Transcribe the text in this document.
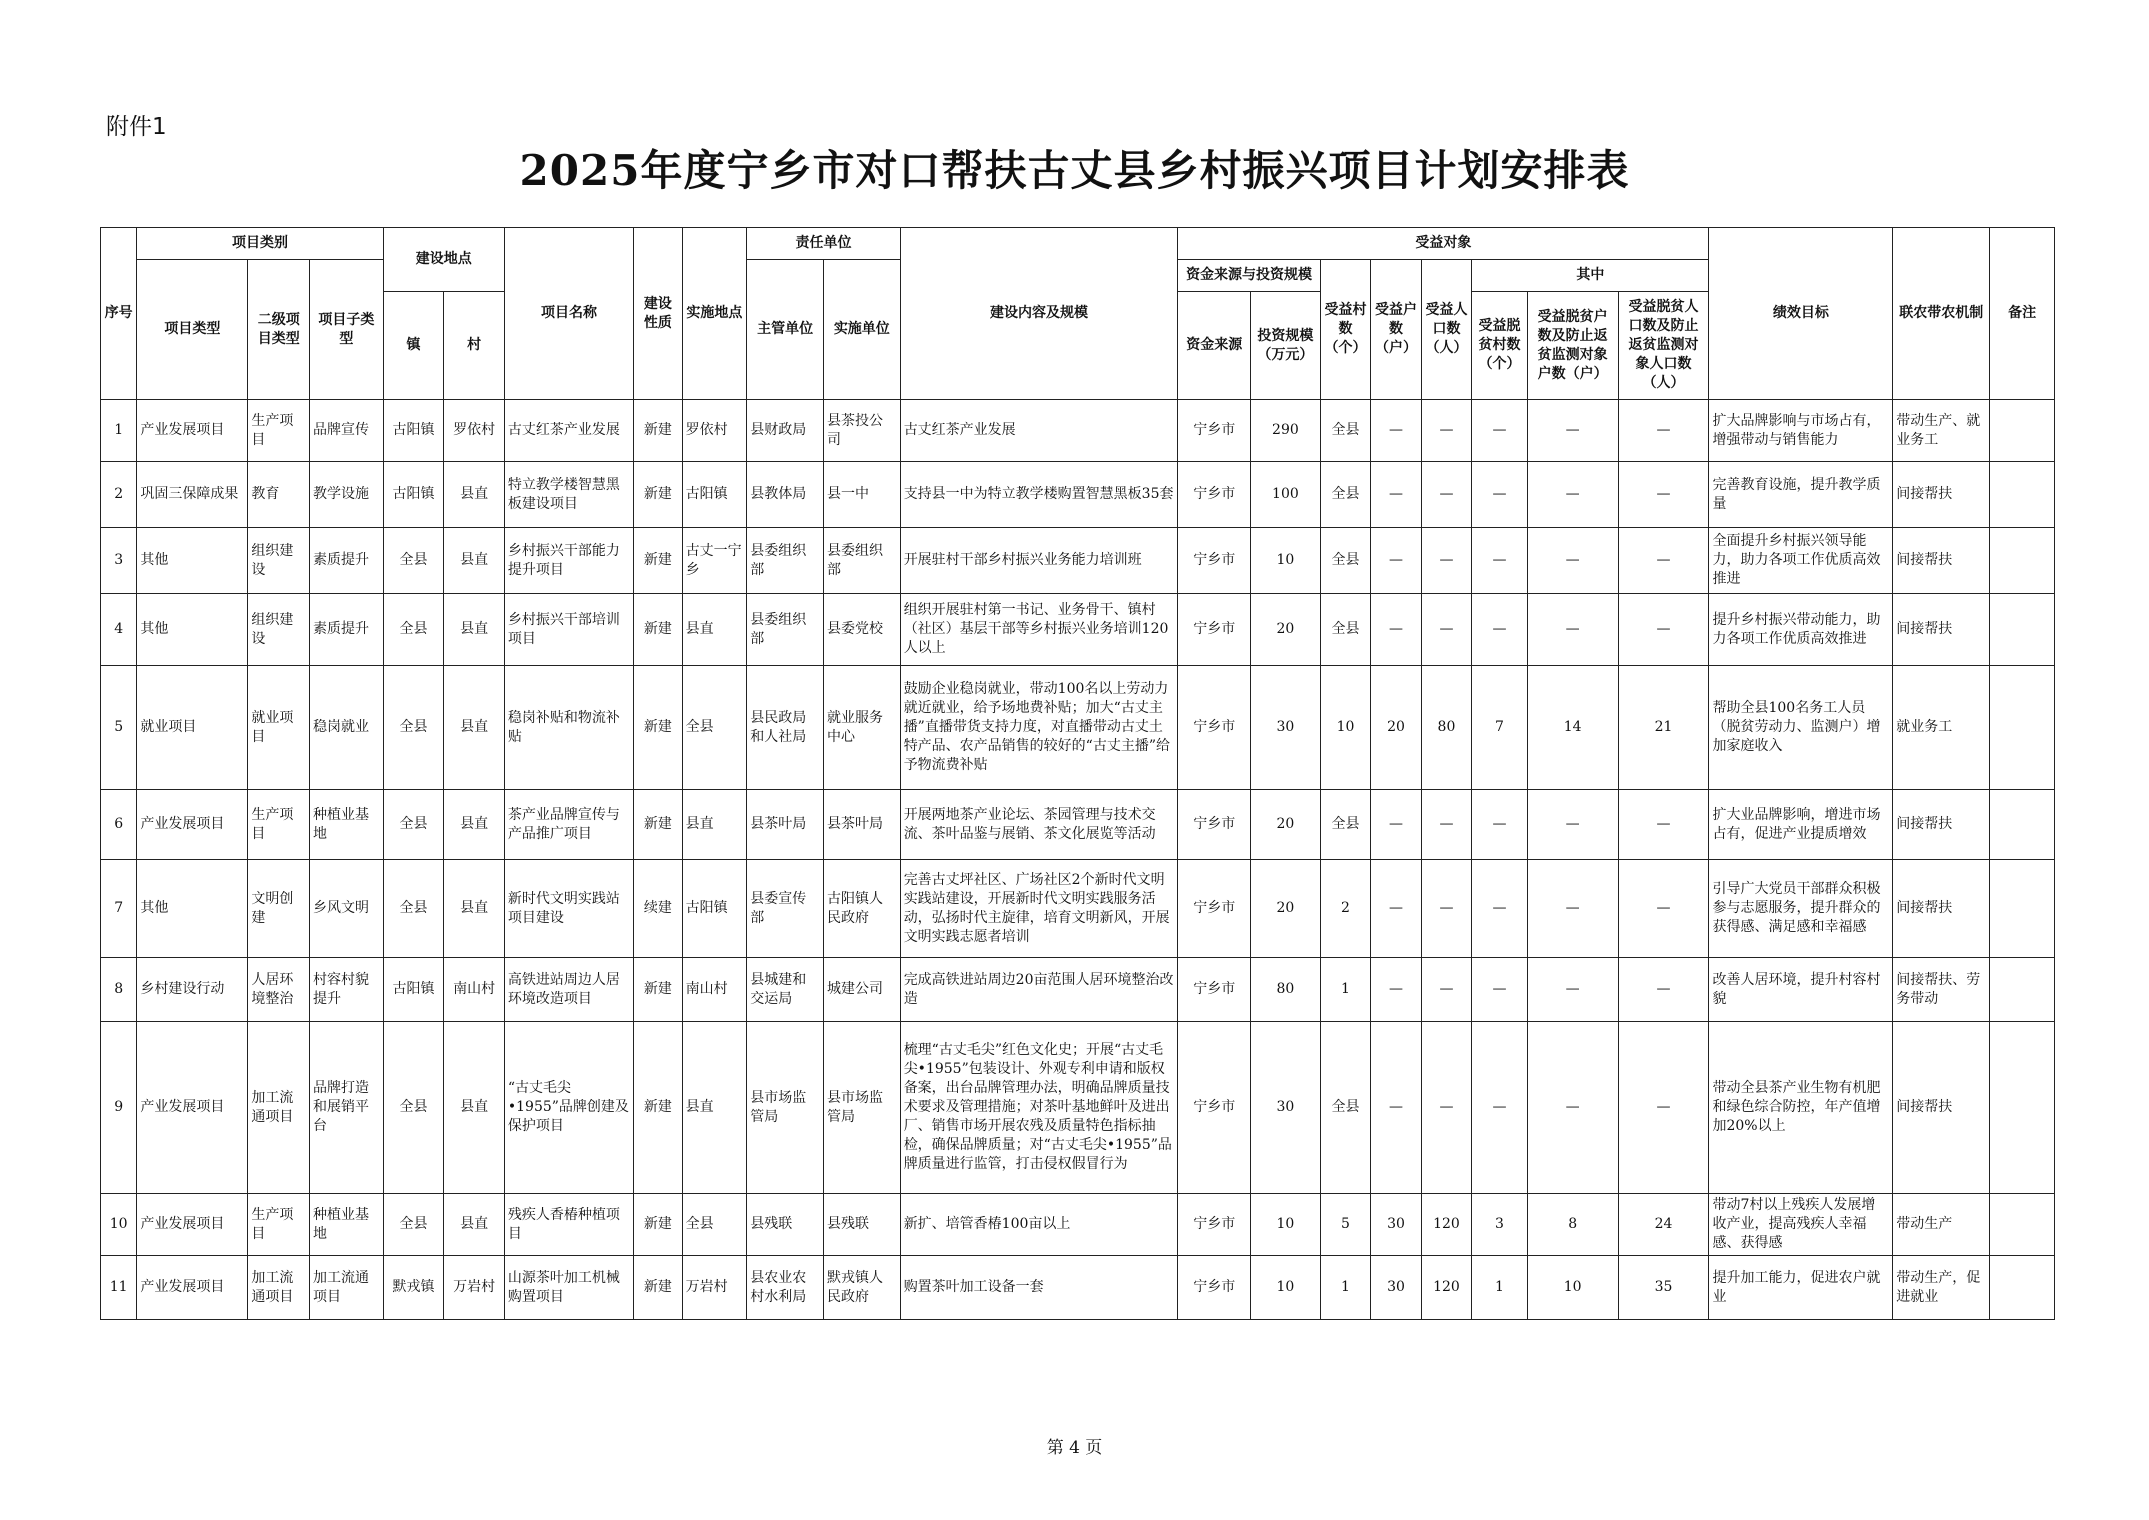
附件1
2025年度宁乡市对口帮扶古丈县乡村振兴项目计划安排表
序号	项目类别			建设地点		项目名称	建设性质	实施地点	责任单位		建设内容及规模	受益对象								绩效目标	联农带农机制	备注
	项目类型	二级项目类型	项目子类型						主管单位	实施单位		资金来源与投资规模		受益村数（个）	受益户数（户）	受益人口数（人）	其中					
				镇	村							资金来源	投资规模（万元）				受益脱贫村数（个）	受益脱贫户数及防止返贫监测对象户数（户）	受益脱贫人口数及防止返贫监测对象人口数（人）			
1	产业发展项目	生产项目	品牌宣传	古阳镇	罗依村	古丈红茶产业发展	新建	罗依村	县财政局	县茶投公司	古丈红茶产业发展	宁乡市	290	全县	—	—	—	—	—	扩大品牌影响与市场占有，增强带动与销售能力	带动生产、就业务工	
2	巩固三保障成果	教育	教学设施	古阳镇	县直	特立教学楼智慧黑板建设项目	新建	古阳镇	县教体局	县一中	支持县一中为特立教学楼购置智慧黑板35套	宁乡市	100	全县	—	—	—	—	—	完善教育设施，提升教学质量	间接帮扶	
3	其他	组织建设	素质提升	全县	县直	乡村振兴干部能力提升项目	新建	古丈一宁乡	县委组织部	县委组织部	开展驻村干部乡村振兴业务能力培训班	宁乡市	10	全县	—	—	—	—	—	全面提升乡村振兴领导能力，助力各项工作优质高效推进	间接帮扶	
4	其他	组织建设	素质提升	全县	县直	乡村振兴干部培训项目	新建	县直	县委组织部	县委党校	组织开展驻村第一书记、业务骨干、镇村（社区）基层干部等乡村振兴业务培训120人以上	宁乡市	20	全县	—	—	—	—	—	提升乡村振兴带动能力，助力各项工作优质高效推进	间接帮扶	
5	就业项目	就业项目	稳岗就业	全县	县直	稳岗补贴和物流补贴	新建	全县	县民政局和人社局	就业服务中心	鼓励企业稳岗就业，带动100名以上劳动力就近就业，给予场地费补贴；加大“古丈主播”直播带货支持力度，对直播带动古丈土特产品、农产品销售的较好的“古丈主播”给予物流费补贴	宁乡市	30	10	20	80	7	14	21	帮助全县100名务工人员（脱贫劳动力、监测户）增加家庭收入	就业务工	
6	产业发展项目	生产项目	种植业基地	全县	县直	茶产业品牌宣传与产品推广项目	新建	县直	县茶叶局	县茶叶局	开展两地茶产业论坛、茶园管理与技术交流、茶叶品鉴与展销、茶文化展览等活动	宁乡市	20	全县	—	—	—	—	—	扩大业品牌影响，增进市场占有，促进产业提质增效	间接帮扶	
7	其他	文明创建	乡风文明	全县	县直	新时代文明实践站项目建设	续建	古阳镇	县委宣传部	古阳镇人民政府	完善古丈坪社区、广场社区2个新时代文明实践站建设，开展新时代文明实践服务活动，弘扬时代主旋律，培育文明新风，开展文明实践志愿者培训	宁乡市	20	2	—	—	—	—	—	引导广大党员干部群众积极参与志愿服务，提升群众的获得感、满足感和幸福感	间接帮扶	
8	乡村建设行动	人居环境整治	村容村貌提升	古阳镇	南山村	高铁进站周边人居环境改造项目	新建	南山村	县城建和交运局	城建公司	完成高铁进站周边20亩范围人居环境整治改造	宁乡市	80	1	—	—	—	—	—	改善人居环境，提升村容村貌	间接帮扶、劳务带动	
9	产业发展项目	加工流通项目	品牌打造和展销平台	全县	县直	“古丈毛尖•1955”品牌创建及保护项目	新建	县直	县市场监管局	县市场监管局	梳理“古丈毛尖”红色文化史；开展“古丈毛尖•1955”包装设计、外观专利申请和版权备案，出台品牌管理办法，明确品牌质量技术要求及管理措施；对茶叶基地鲜叶及进出厂、销售市场开展农残及质量特色指标抽检，确保品牌质量；对“古丈毛尖•1955”品牌质量进行监管，打击侵权假冒行为	宁乡市	30	全县	—	—	—	—	—	带动全县茶产业生物有机肥和绿色综合防控，年产值增加20%以上	间接帮扶	
10	产业发展项目	生产项目	种植业基地	全县	县直	残疾人香椿种植项目	新建	全县	县残联	县残联	新扩、培管香椿100亩以上	宁乡市	10	5	30	120	3	8	24	带动7村以上残疾人发展增收产业，提高残疾人幸福感、获得感	带动生产	
11	产业发展项目	加工流通项目	加工流通项目	默戎镇	万岩村	山源茶叶加工机械购置项目	新建	万岩村	县农业农村水利局	默戎镇人民政府	购置茶叶加工设备一套	宁乡市	10	1	30	120	1	10	35	提升加工能力，促进农户就业	带动生产，促进就业	
第 4 页
